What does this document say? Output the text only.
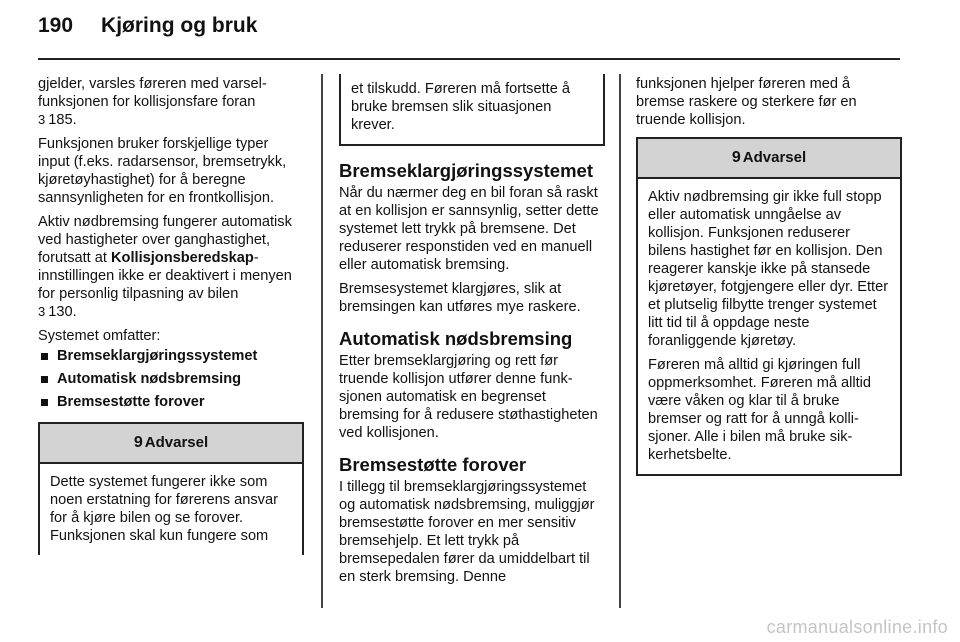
190 Kjøring og bruk

gjelder, varsles føreren med varselfunksjonen for kollisjonsfare foran
3 185.

Funksjonen bruker forskjellige typer input (f.eks. radarsensor, bremsetrykk, kjøretøyhastighet) for å beregne sannsynligheten for en frontkollisjon.

Aktiv nødbremsing fungerer automatisk ved hastigheter over ganghastighet, forutsatt at Kollisjonsberedskap-innstillingen ikke er deaktivert i menyen for personlig tilpasning av bilen
3 130.

Systemet omfatter:

Bremseklargjøringssystemet
Automatisk nødsbremsing
Bremsestøtte forover
9 Advarsel

Dette systemet fungerer ikke som noen erstatning for førerens ansvar for å kjøre bilen og se forover. Funksjonen skal kun fungere som

et tilskudd. Føreren må fortsette å bruke bremsen slik situasjonen krever.

Bremseklargjøringssystemet

Når du nærmer deg en bil foran så raskt at en kollisjon er sannsynlig, setter dette systemet lett trykk på bremsene. Det reduserer responstiden ved en manuell eller automatisk bremsing.

Bremsesystemet klargjøres, slik at bremsingen kan utføres mye raskere.

Automatisk nødsbremsing

Etter bremseklargjøring og rett før truende kollisjon utfører denne funksjonen automatisk en begrenset bremsing for å redusere støthastigheten ved kollisjonen.

Bremsestøtte forover

I tillegg til bremseklargjøringssystemet og automatisk nødsbremsing, muliggjør bremsestøtte forover en mer sensitiv bremsehjelp. Et lett trykk på bremsepedalen fører da umiddelbart til en sterk bremsing. Denne

funksjonen hjelper føreren med å bremse raskere og sterkere før en truende kollisjon.

9 Advarsel

Aktiv nødbremsing gir ikke full stopp eller automatisk unngåelse av kollisjon. Funksjonen reduserer bilens hastighet før en kollisjon. Den reagerer kanskje ikke på stansede kjøretøyer, fotgjengere eller dyr. Etter et plutselig filbytte trenger systemet litt tid til å oppdage neste foranliggende kjøretøy.

Føreren må alltid gi kjøringen full oppmerksomhet. Føreren må alltid være våken og klar til å bruke bremser og ratt for å unngå kollisjoner. Alle i bilen må bruke sikkerhetsbelte.

carmanualsonline.info
